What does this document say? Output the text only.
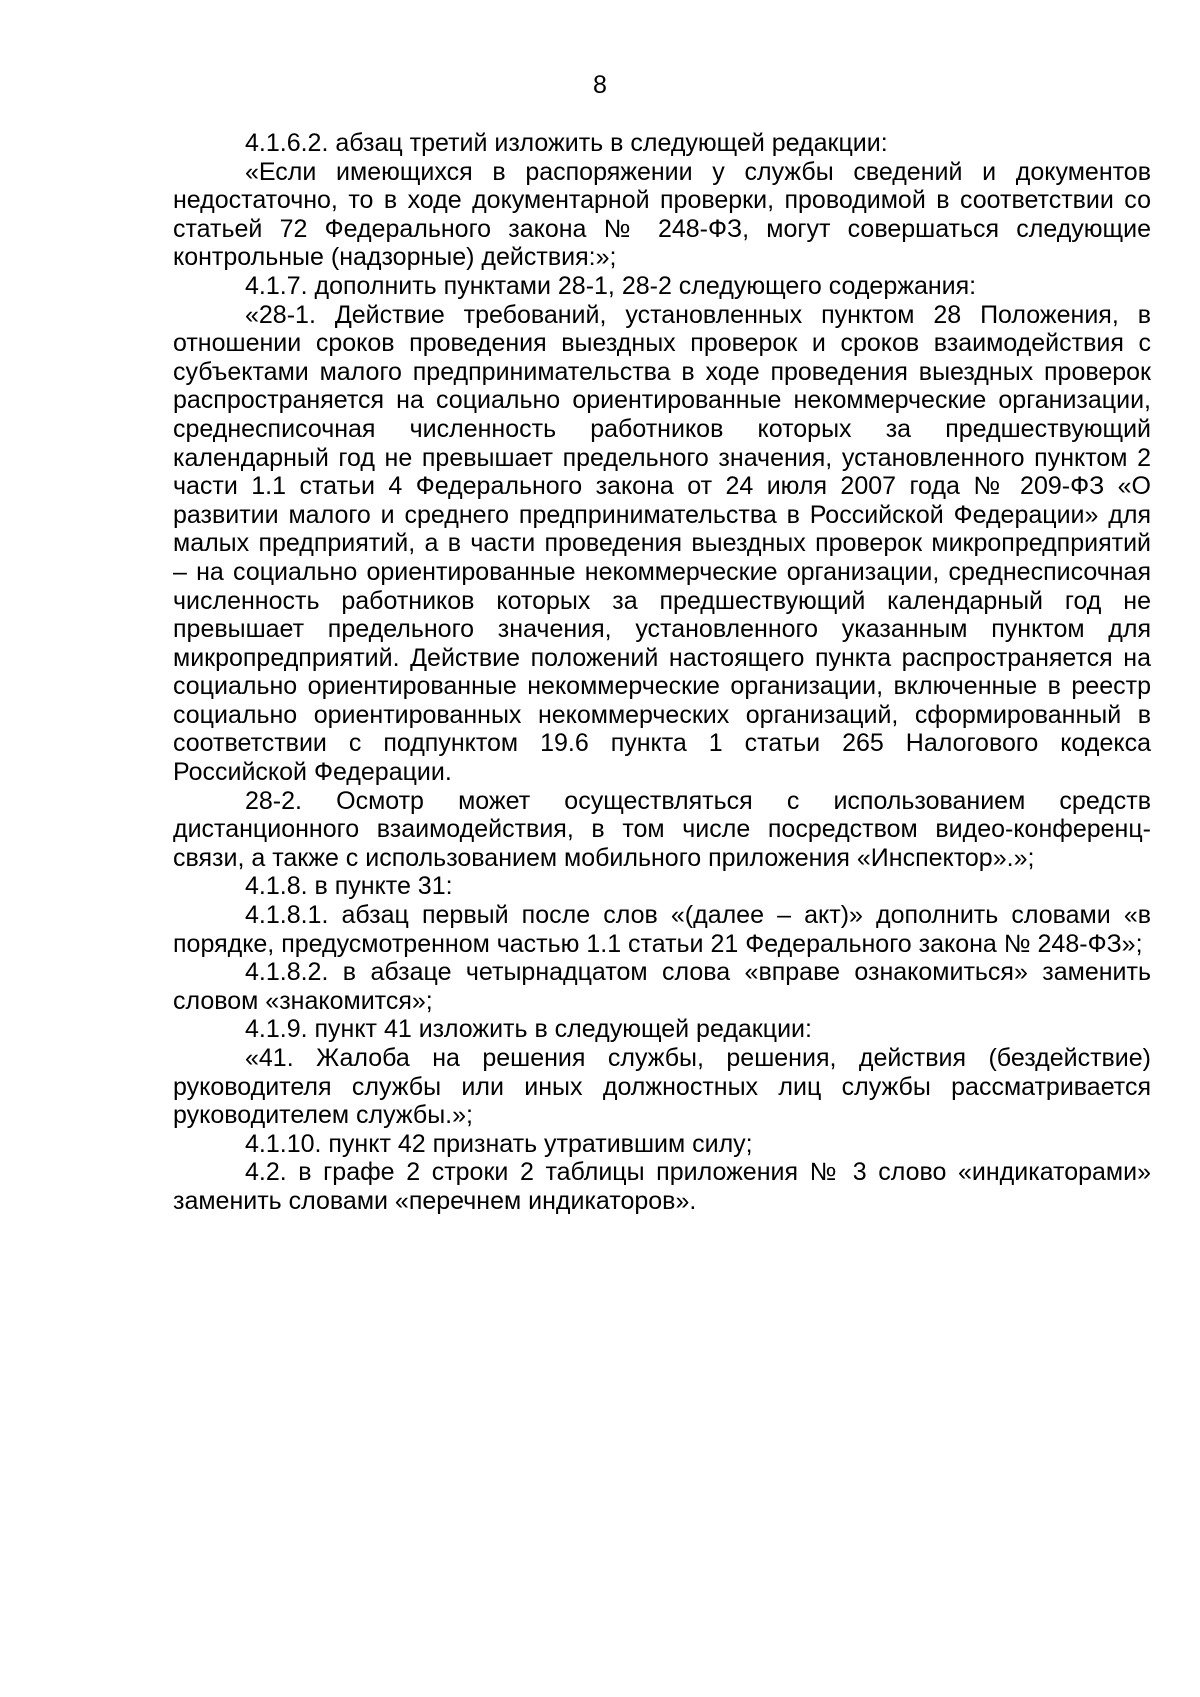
8

4.1.6.2. абзац третий изложить в следующей редакции:

«Если имеющихся в распоряжении у службы сведений и документов недостаточно, то в ходе документарной проверки, проводимой в соответствии со статьей 72 Федерального закона № 248-ФЗ, могут совершаться следующие контрольные (надзорные) действия:»;

4.1.7. дополнить пунктами 28-1, 28-2 следующего содержания:

«28-1. Действие требований, установленных пунктом 28 Положения, в отношении сроков проведения выездных проверок и сроков взаимодействия с субъектами малого предпринимательства в ходе проведения выездных проверок распространяется на социально ориентированные некоммерческие организации, среднесписочная численность работников которых за предшествующий календарный год не превышает предельного значения, установленного пунктом 2 части 1.1 статьи 4 Федерального закона от 24 июля 2007 года № 209-ФЗ «О развитии малого и среднего предпринимательства в Российской Федерации» для малых предприятий, а в части проведения выездных проверок микропредприятий – на социально ориентированные некоммерческие организации, среднесписочная численность работников которых за предшествующий календарный год не превышает предельного значения, установленного указанным пунктом для микропредприятий. Действие положений настоящего пункта распространяется на социально ориентированные некоммерческие организации, включенные в реестр социально ориентированных некоммерческих организаций, сформированный в соответствии с подпунктом 19.6 пункта 1 статьи 265 Налогового кодекса Российской Федерации.

28-2. Осмотр может осуществляться с использованием средств дистанционного взаимодействия, в том числе посредством видео-конференц-связи, а также с использованием мобильного приложения «Инспектор».»;

4.1.8. в пункте 31:

4.1.8.1. абзац первый после слов «(далее – акт)» дополнить словами «в порядке, предусмотренном частью 1.1 статьи 21 Федерального закона № 248-ФЗ»;

4.1.8.2. в абзаце четырнадцатом слова «вправе ознакомиться» заменить словом «знакомится»;

4.1.9. пункт 41 изложить в следующей редакции:

«41. Жалоба на решения службы, решения, действия (бездействие) руководителя службы или иных должностных лиц службы рассматривается руководителем службы.»;

4.1.10. пункт 42 признать утратившим силу;

4.2. в графе 2 строки 2 таблицы приложения № 3 слово «индикаторами» заменить словами «перечнем индикаторов».
